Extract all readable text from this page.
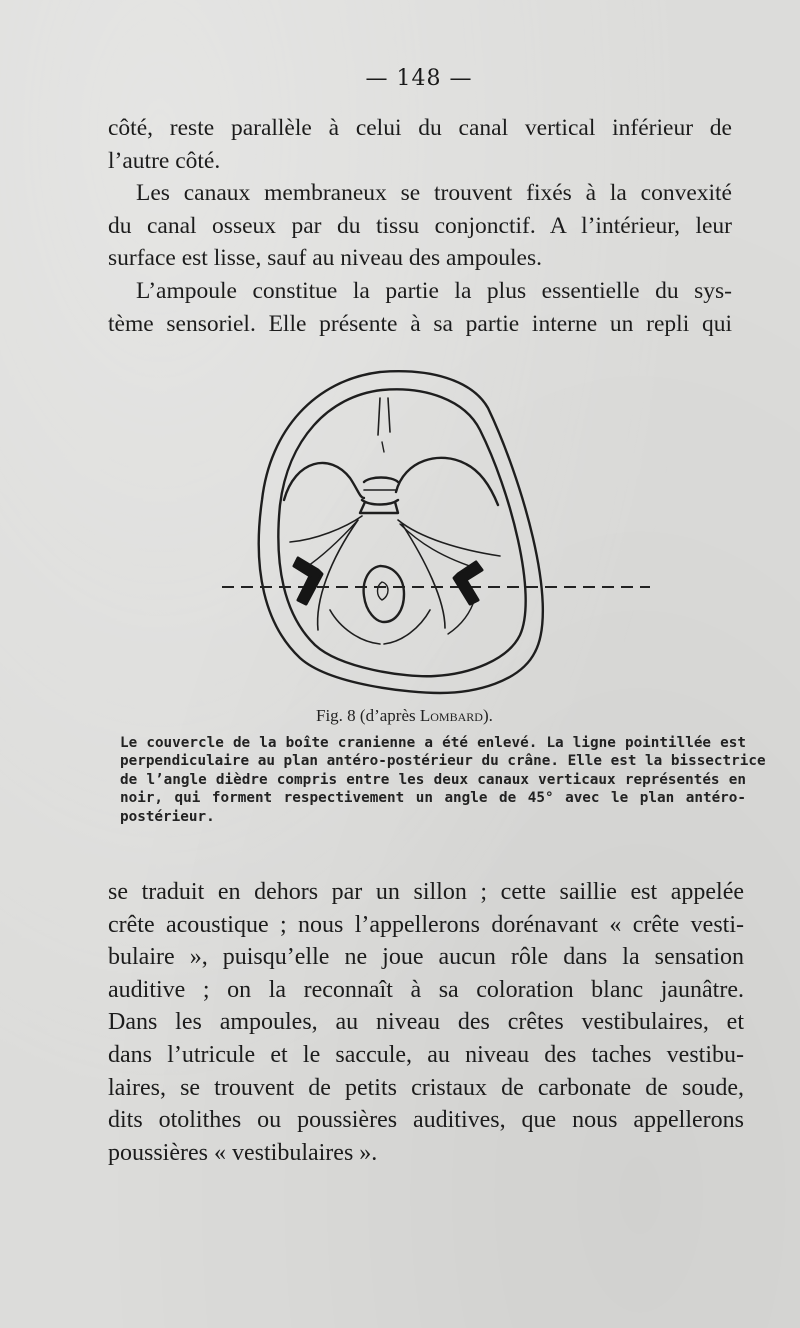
— 148 —
côté, reste parallèle à celui du canal vertical inférieur de
l’autre côté.
Les canaux membraneux se trouvent fixés à la convexité
du canal osseux par du tissu conjonctif. A l’intérieur, leur
surface est lisse, sauf au niveau des ampoules.
L’ampoule constitue la partie la plus essentielle du sys-
tème sensoriel. Elle présente à sa partie interne un repli qui
Fig. 8 (d’après Lombard).
Le couvercle de la boîte cranienne a été enlevé. La ligne pointillée est
perpendiculaire au plan antéro-postérieur du crâne. Elle est la bissectrice
de l’angle dièdre compris entre les deux canaux verticaux représentés en
noir, qui forment respectivement un angle de 45° avec le plan antéro-
postérieur.
se traduit en dehors par un sillon ; cette saillie est appelée
crête acoustique ; nous l’appellerons dorénavant « crête vesti-
bulaire », puisqu’elle ne joue aucun rôle dans la sensation
auditive ; on la reconnaît à sa coloration blanc jaunâtre.
Dans les ampoules, au niveau des crêtes vestibulaires, et
dans l’utricule et le saccule, au niveau des taches vestibu-
laires, se trouvent de petits cristaux de carbonate de soude,
dits otolithes ou poussières auditives, que nous appellerons
poussières « vestibulaires ».
